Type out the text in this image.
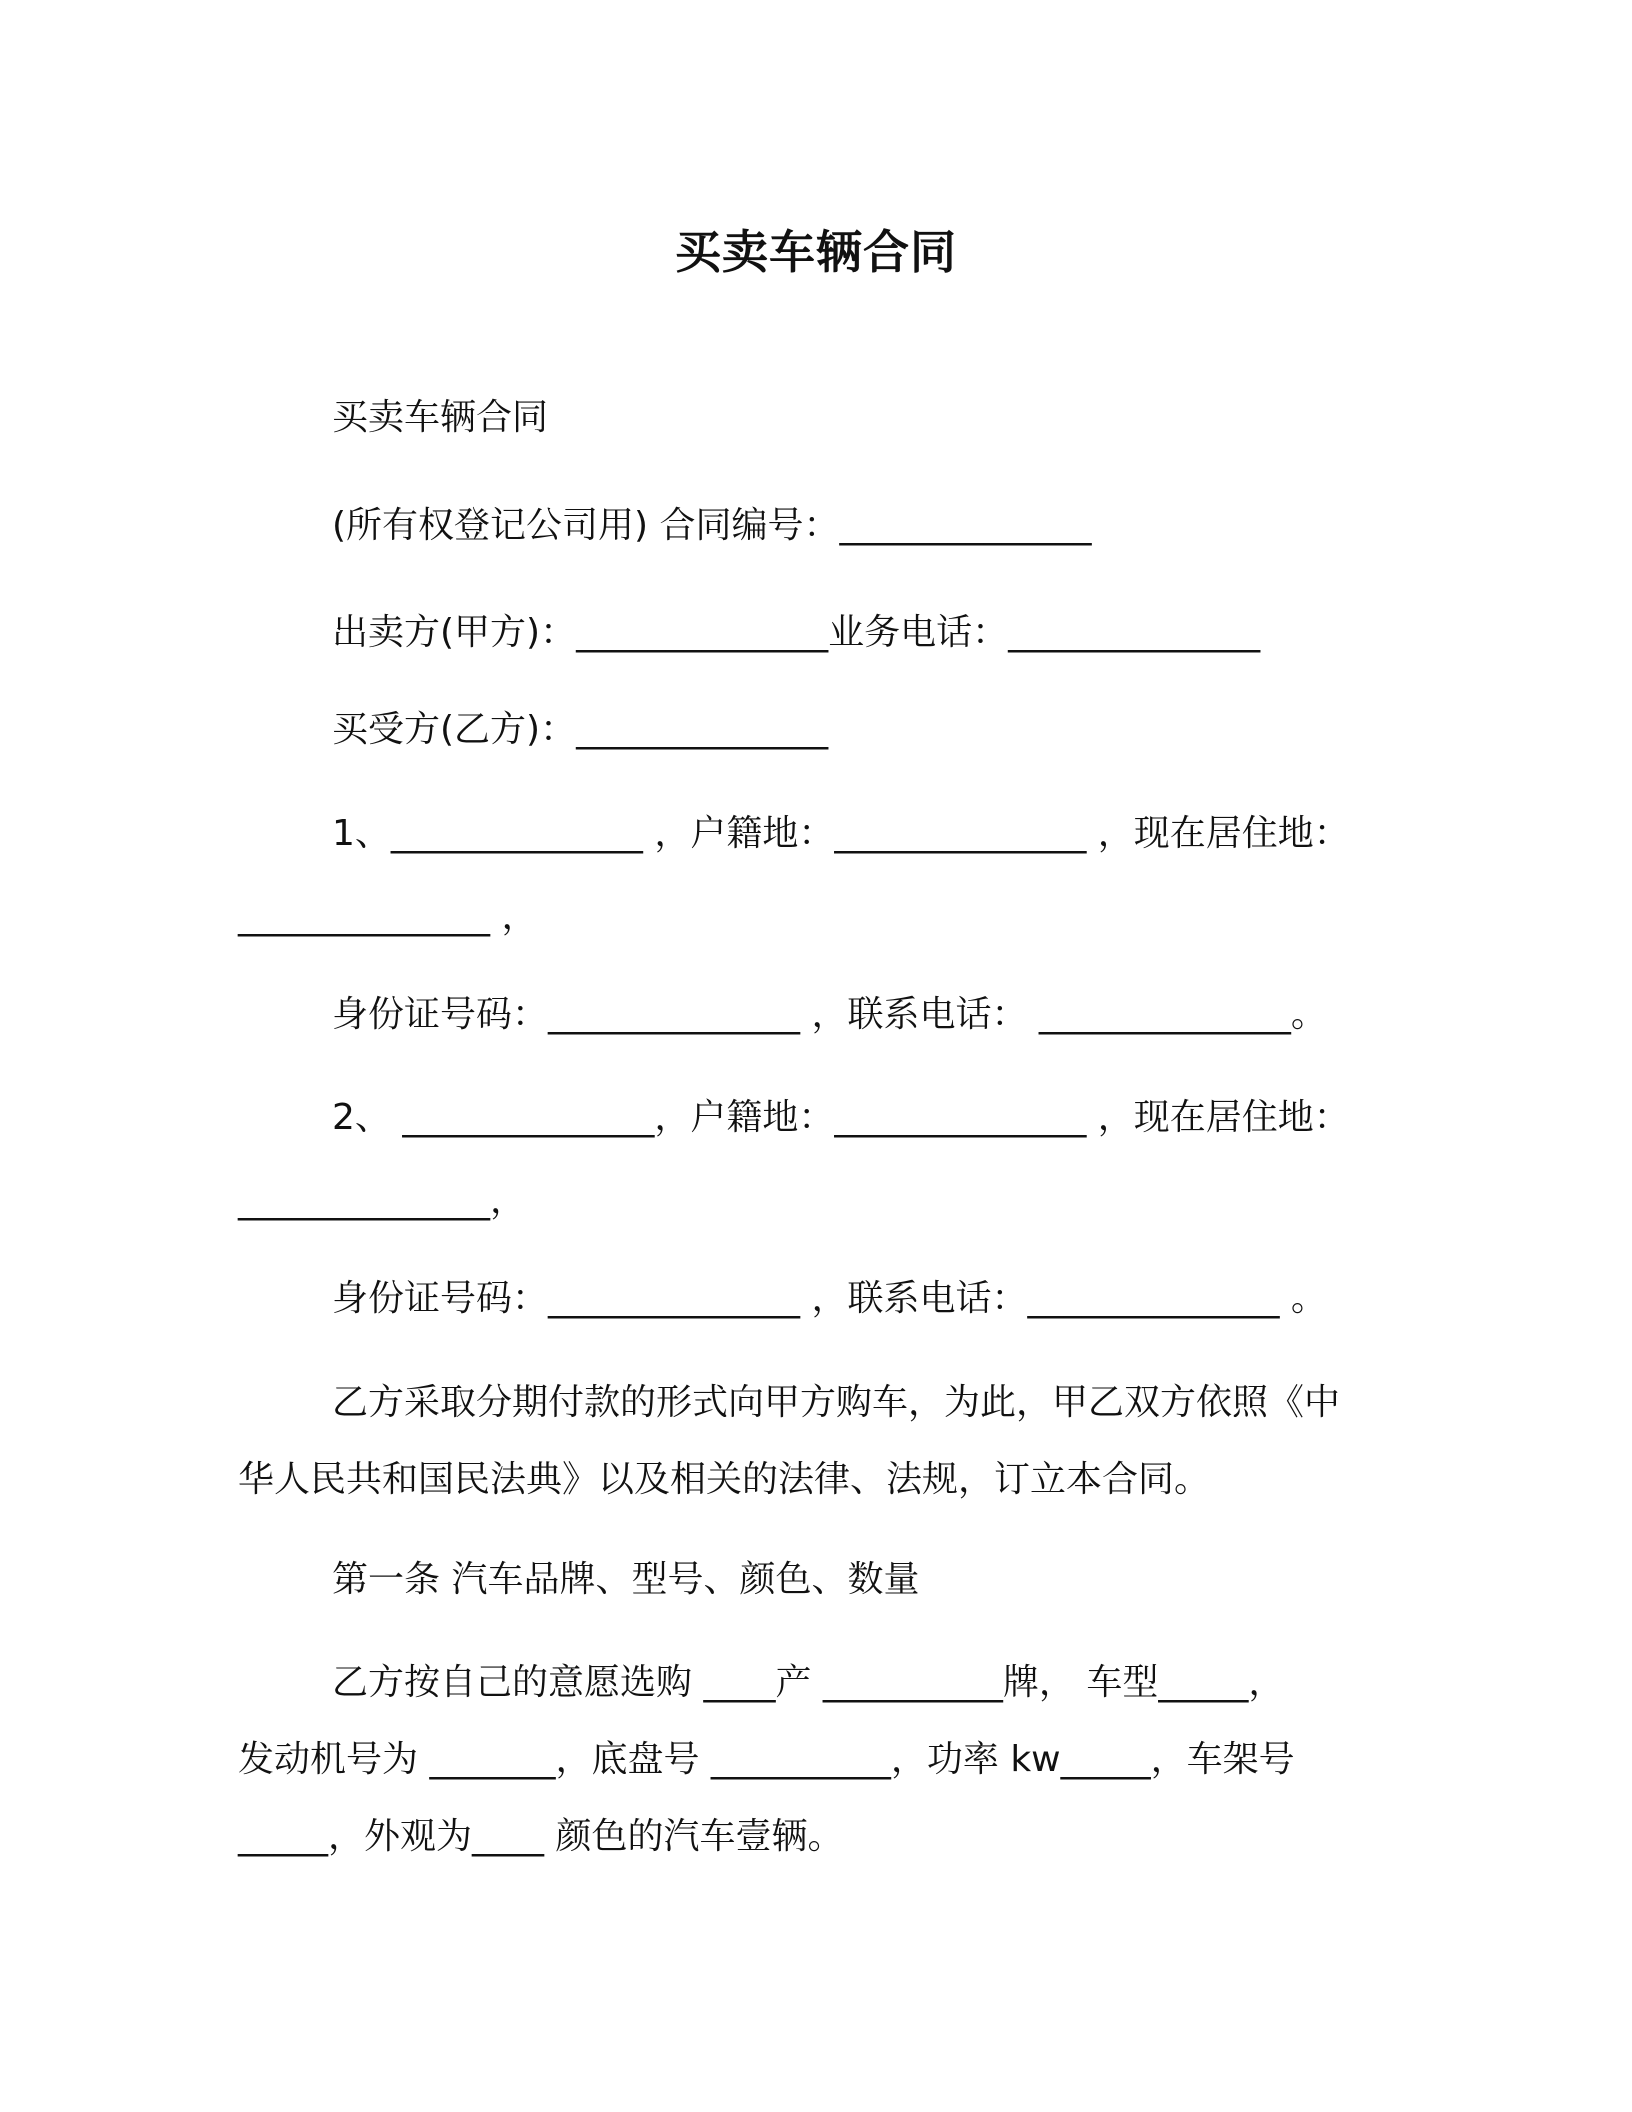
买卖车辆合同
买卖车辆合同
(所有权登记公司用) 合同编号：______________
出卖方(甲方)：______________业务电话：______________
买受方(乙方)：______________
1、______________ ，户籍地：______________ ，现在居住地：
______________ ，
身份证号码：______________ ，联系电话： ______________。
2、 ______________，户籍地：______________ ，现在居住地：
______________，
身份证号码：______________ ，联系电话：______________ 。
乙方采取分期付款的形式向甲方购车，为此，甲乙双方依照《中
华人民共和国民法典》以及相关的法律、法规，订立本合同。
第一条 汽车品牌、型号、颜色、数量
乙方按自己的意愿选购 ____产 __________牌， 车型_____，
发动机号为 _______，底盘号 __________，功率 kw_____，车架号
_____，外观为____ 颜色的汽车壹辆。
